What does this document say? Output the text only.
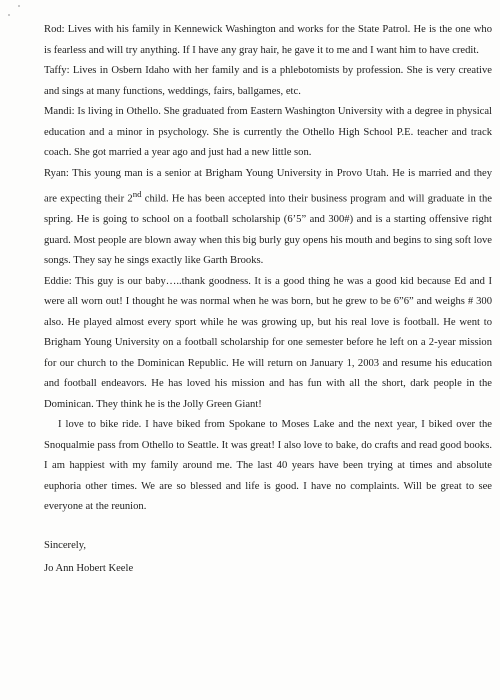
Rod: Lives with his family in Kennewick Washington and works for the State Patrol. He is the one who is fearless and will try anything. If I have any gray hair, he gave it to me and I want him to have credit.

Taffy: Lives in Osbern Idaho with her family and is a phlebotomists by profession. She is very creative and sings at many functions, weddings, fairs, ballgames, etc.

Mandi: Is living in Othello. She graduated from Eastern Washington University with a degree in physical education and a minor in psychology. She is currently the Othello High School P.E. teacher and track coach. She got married a year ago and just had a new little son.

Ryan: This young man is a senior at Brigham Young University in Provo Utah. He is married and they are expecting their 2nd child. He has been accepted into their business program and will graduate in the spring. He is going to school on a football scholarship (6’5” and 300#) and is a starting offensive right guard. Most people are blown away when this big burly guy opens his mouth and begins to sing soft love songs. They say he sings exactly like Garth Brooks.

Eddie: This guy is our baby…..thank goodness. It is a good thing he was a good kid because Ed and I were all worn out! I thought he was normal when he was born, but he grew to be 6”6” and weighs # 300 also. He played almost every sport while he was growing up, but his real love is football. He went to Brigham Young University on a football scholarship for one semester before he left on a 2-year mission for our church to the Dominican Republic. He will return on January 1, 2003 and resume his education and football endeavors. He has loved his mission and has fun with all the short, dark people in the Dominican. They think he is the Jolly Green Giant!

I love to bike ride. I have biked from Spokane to Moses Lake and the next year, I biked over the Snoqualmie pass from Othello to Seattle. It was great! I also love to bake, do crafts and read good books. I am happiest with my family around me. The last 40 years have been trying at times and absolute euphoria other times. We are so blessed and life is good. I have no complaints. Will be great to see everyone at the reunion.

Sincerely,

Jo Ann Hobert Keele
